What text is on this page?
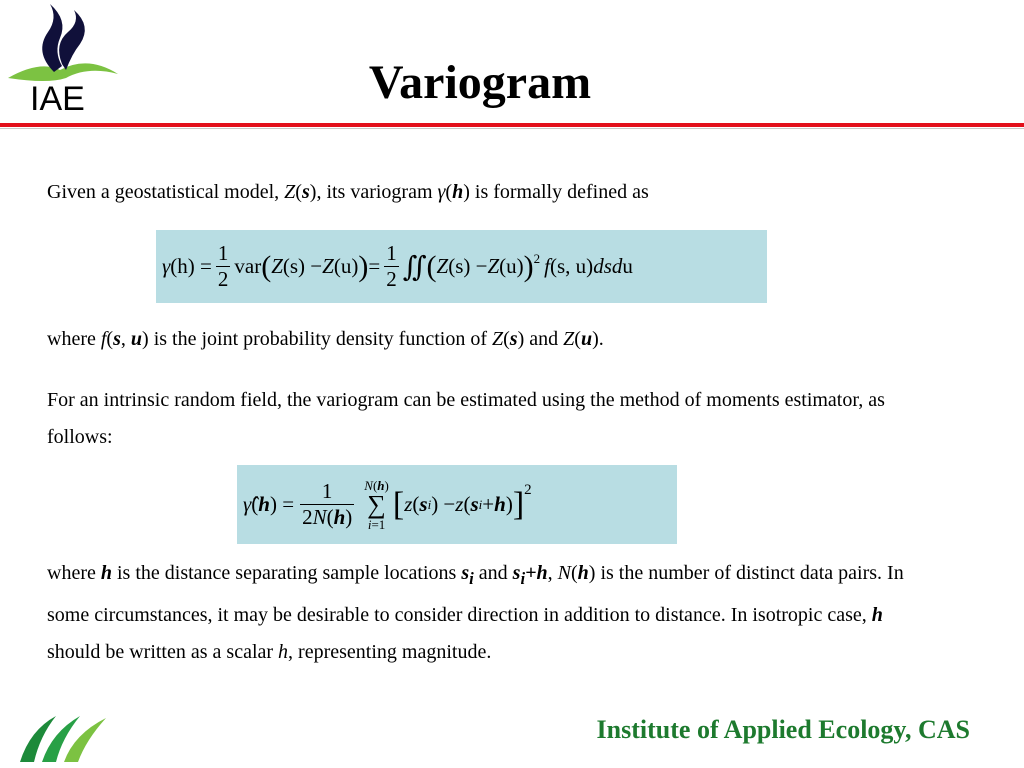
IAE	Variogram
Given a geostatistical model, Z(s), its variogram γ(h) is formally defined as
γ $(h) = \frac{1}{2}$ var ( Z (s) − Z (u) ) = $\frac{1}{2}$ ∬ ( Z (s) − Z (u) )$^2$ f (s, u) dsd u
where f(s, u) is the joint probability density function of Z(s) and Z(u).
For an intrinsic random field, the variogram can be estimated using the method of moments estimator, as follows:
γ̂ ( h ) = $\frac{1}{2N(h)} N(h)$
∑
i=1
[ z ( s i ) − z ( s i + h ) ]$^2$
where h is the distance separating sample locations $s_i$ and $s_i+h$, N(h) is the number of distinct data pairs. In some circumstances, it may be desirable to consider direction in addition to distance. In isotropic case, h should be written as a scalar h, representing magnitude.
Institute of Applied Ecology, CAS
